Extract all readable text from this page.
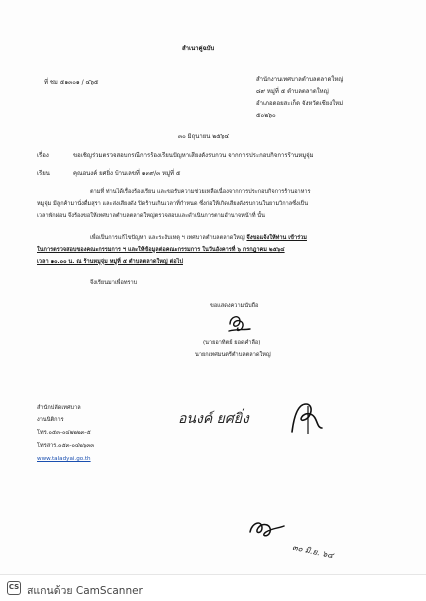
สำเนาคู่ฉบับ
ที่ ชม ๕๑๓๐๑ / ๔๖๕	สำนักงานเทศบาลตำบลตลาดใหญ่
๘๙ หมู่ที่ ๕ ตำบลตลาดใหญ่
อำเภอดอยสะเก็ด จังหวัดเชียงใหม่
๕๐๒๖๐
๓๐ มิถุนายน ๒๕๖๔
เรื่อง	ขอเชิญร่วมตรวจสอบกรณีการร้องเรียนปัญหาเสียงดังรบกวน จากการประกอบกิจการร้านหมูจุ่ม
เรียน	คุณอนงค์ ยศยิ่ง บ้านเลขที่ ๑๓๙/๓ หมู่ที่ ๕
ตามที่ ท่านได้เรื่องร้องเรียน และขอรับความช่วยเหลือเนื่องจากการประกอบกิจการร้านอาหาร
หมูจุ่ม มีลูกค้ามานั่งดื่มสุรา และส่งเสียงดัง ปิดร้านเกินเวลาที่กำหนด ซึ่งก่อให้เกิดเสียงดังรบกวนในยามวิกาลซึ่งเป็น
เวลาพักผ่อน จึงร้องขอให้เทศบาลตำบลตลาดใหญ่ตรวจสอบและดำเนินการตามอำนาจหน้าที่ นั้น
เพื่อเป็นการแก้ไขปัญหา และระงับเหตุ ฯ เทศบาลตำบลตลาดใหญ่ จึงขอแจ้งให้ท่าน เข้าร่วม
ในการตรวจสอบของคณะกรรมการ ฯ และให้ข้อมูลต่อคณะกรรมการ ในวันอังคารที่ ๖ กรกฎาคม ๒๕๖๔
เวลา ๑๐.๐๐ น. ณ ร้านหมูจุ่ม หมู่ที่ ๕ ตำบลตลาดใหญ่ ต่อไป
จึงเรียนมาเพื่อทราบ
ขอแสดงความนับถือ
(นายอาทิตย์ ยอดคำลือ)
นายกเทศมนตรีตำบลตลาดใหญ่
สำนักปลัดเทศบาล
งานนิติการ
โทร.๐๕๓-๐๔๒๒๒๓-๕
โทรสาร.๐๕๓-๐๔๒๖๓๓
www.taladyai.go.th
อนงค์ ยศยิ่ง
๓๐ มิ.ย. ๖๔
CS สแกนด้วย CamScanner
